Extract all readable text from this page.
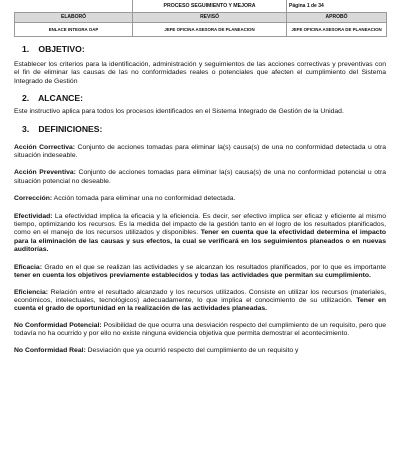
	PROCESO SEGUIMIENTO Y MEJORA	Página 1 de 34
ELABORÓ	REVISÓ	APROBÓ
ENLACE INTEGRA OAP	JEFE OFICINA ASESORA DE PLANEACION	JEFE OFICINA ASESORA DE PLANEACION

1. OBJETIVO:

Establecer los criterios para la identificación, administración y seguimientos de las acciones correctivas y preventivas con el fin de eliminar las causas de las no conformidades reales o potenciales que afecten el cumplimiento del Sistema Integrado de Gestión

2. ALCANCE:

Este instructivo aplica para todos los procesos identificados en el Sistema Integrado de Gestión de la Unidad.

3. DEFINICIONES:

Acción Correctiva: Conjunto de acciones tomadas para eliminar la(s) causa(s) de una no conformidad detectada u otra situación indeseable.

Acción Preventiva: Conjunto de acciones tomadas para eliminar la(s) causa(s) de una no conformidad potencial u otra situación potencial no deseable.

Corrección: Acción tomada para eliminar una no conformidad detectada.

Efectividad: La efectividad implica la eficacia y la eficiencia. Es decir, ser efectivo implica ser eficaz y eficiente al mismo tiempo, optimizando los recursos. Es la medida del impacto de la gestión tanto en el logro de los resultados planificados, como en el manejo de los recursos utilizados y disponibles. Tener en cuenta que la efectividad determina el impacto para la eliminación de las causas y sus efectos, la cual se verificará en los seguimientos planeados o en nuevas auditorías.

Eficacia: Grado en el que se realizan las actividades y se alcanzan los resultados planificados, por lo que es importante tener en cuenta los objetivos previamente establecidos y todas las actividades que permitan su cumplimiento.

Eficiencia: Relación entre el resultado alcanzado y los recursos utilizados. Consiste en utilizar los recursos (materiales, económicos, intelectuales, tecnológicos) adecuadamente, lo que implica el conocimiento de su utilización. Tener en cuenta el grado de oportunidad en la realización de las actividades planeadas.

No Conformidad Potencial: Posibilidad de que ocurra una desviación respecto del cumplimiento de un requisito, pero que todavía no ha ocurrido y por ello no existe ninguna evidencia objetiva que permita demostrar el acontecimiento.

No Conformidad Real: Desviación que ya ocurrió respecto del cumplimiento de un requisito y
